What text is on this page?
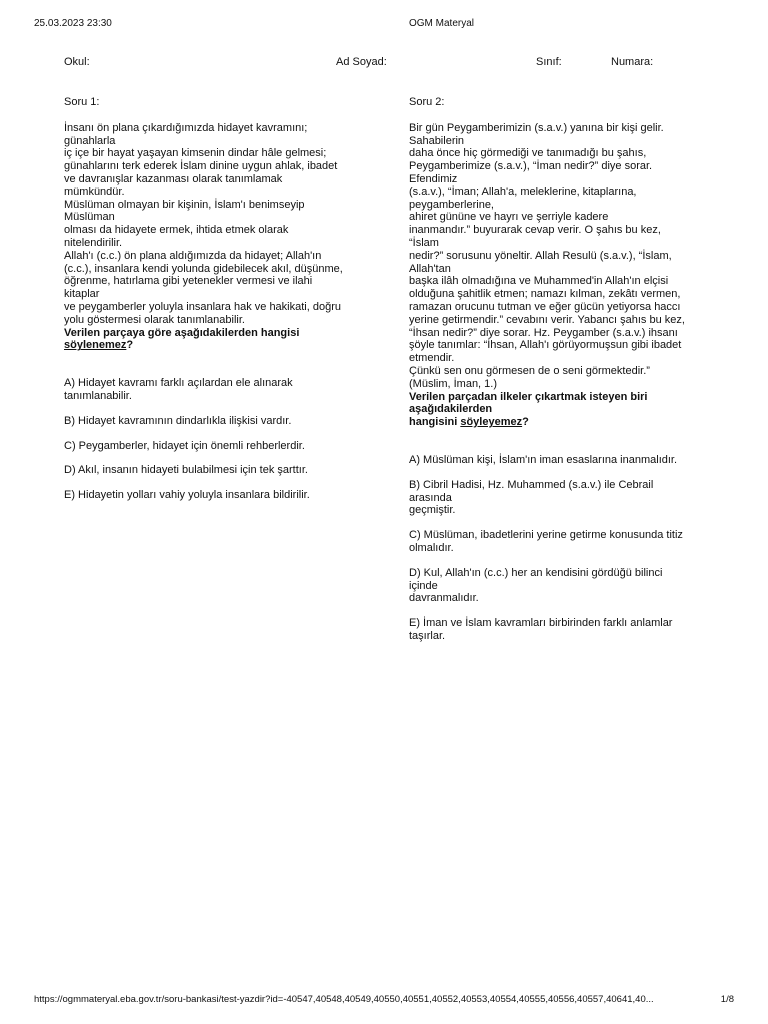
25.03.2023 23:30	OGM Materyal
Okul:	Ad Soyad:	Sınıf:	Numara:
Soru 1:
İnsanı ön plana çıkardığımızda hidayet kavramını;
günahlarla
iç içe bir hayat yaşayan kimsenin dindar hâle gelmesi;
günahlarını terk ederek İslam dinine uygun ahlak, ibadet
ve davranışlar kazanması olarak tanımlamak
mümkündür.
Müslüman olmayan bir kişinin, İslam'ı benimseyip
Müslüman
olması da hidayete ermek, ihtida etmek olarak
nitelendirilir.
Allah'ı (c.c.) ön plana aldığımızda da hidayet; Allah'ın
(c.c.), insanlara kendi yolunda gidebilecek akıl, düşünme,
öğrenme, hatırlama gibi yetenekler vermesi ve ilahi
kitaplar
ve peygamberler yoluyla insanlara hak ve hakikati, doğru
yolu göstermesi olarak tanımlanabilir.
Verilen parçaya göre aşağıdakilerden hangisi
söylenemez?
A) Hidayet kavramı farklı açılardan ele alınarak
tanımlanabilir.
B) Hidayet kavramının dindarlıkla ilişkisi vardır.
C) Peygamberler, hidayet için önemli rehberlerdir.
D) Akıl, insanın hidayeti bulabilmesi için tek şarttır.
E) Hidayetin yolları vahiy yoluyla insanlara bildirilir.
Soru 2:
Bir gün Peygamberimizin (s.a.v.) yanına bir kişi gelir.
Sahabilerin
daha önce hiç görmediği ve tanımadığı bu şahıs,
Peygamberimize (s.a.v.), “İman nedir?” diye sorar.
Efendimiz
(s.a.v.), “İman; Allah'a, meleklerine, kitaplarına,
peygamberlerine,
ahiret gününe ve hayrı ve şerriyle kadere
inanmandır.” buyurarak cevap verir. O şahıs bu kez,
“İslam
nedir?” sorusunu yöneltir. Allah Resulü (s.a.v.), “İslam,
Allah'tan
başka ilâh olmadığına ve Muhammed'in Allah'ın elçisi
olduğuna şahitlik etmen; namazı kılman, zekâtı vermen,
ramazan orucunu tutman ve eğer gücün yetiyorsa haccı
yerine getirmendir.” cevabını verir. Yabancı şahıs bu kez,
“İhsan nedir?” diye sorar. Hz. Peygamber (s.a.v.) ihsanı
şöyle tanımlar: “İhsan, Allah'ı görüyormuşsun gibi ibadet
etmendir.
Çünkü sen onu görmesen de o seni görmektedir.”
(Müslim, İman, 1.)
Verilen parçadan ilkeler çıkartmak isteyen biri
aşağıdakilerden
hangisini söyleyemez?
A) Müslüman kişi, İslam'ın iman esaslarına inanmalıdır.
B) Cibril Hadisi, Hz. Muhammed (s.a.v.) ile Cebrail
arasında
geçmiştir.
C) Müslüman, ibadetlerini yerine getirme konusunda titiz
olmalıdır.
D) Kul, Allah'ın (c.c.) her an kendisini gördüğü bilinci
içinde
davranmalıdır.
E) İman ve İslam kavramları birbirinden farklı anlamlar
taşırlar.
https://ogmmateryal.eba.gov.tr/soru-bankasi/test-yazdir?id=-40547,40548,40549,40550,40551,40552,40553,40554,40555,40556,40557,40641,40...	1/8
